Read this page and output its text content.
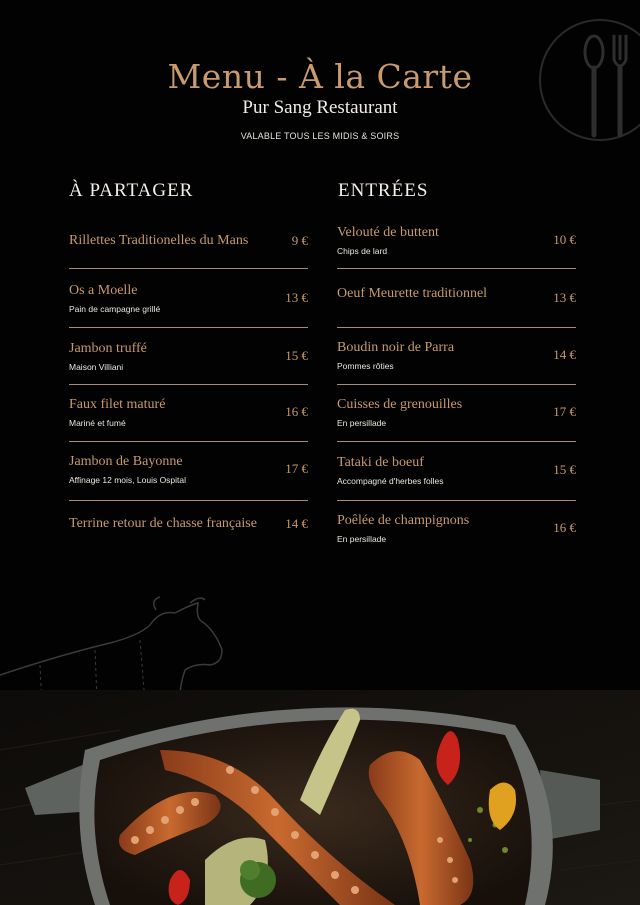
Menu - À la Carte
Pur Sang Restaurant
VALABLE TOUS LES MIDIS & SOIRS
À PARTAGER	ENTRÉES
Rillettes Traditionelles du Mans	9 €
Os a Moelle
Pain de campagne grillé
13 €
Jambon truffé
Maison Villiani
15 €
Faux filet maturé
Mariné et fumé
16 €
Jambon de Bayonne
Affinage 12 mois, Louis Ospital
17 €
Terrine retour de chasse française	14 €
Velouté de buttent
Chips de lard
10 €
Oeuf Meurette traditionnel	13 €
Boudin noir de Parra
Pommes rôties
14 €
Cuisses de grenouilles
En persillade
17 €
Tataki de boeuf
Accompagné d'herbes folles
15 €
Poêlée de champignons
En persillade
16 €
